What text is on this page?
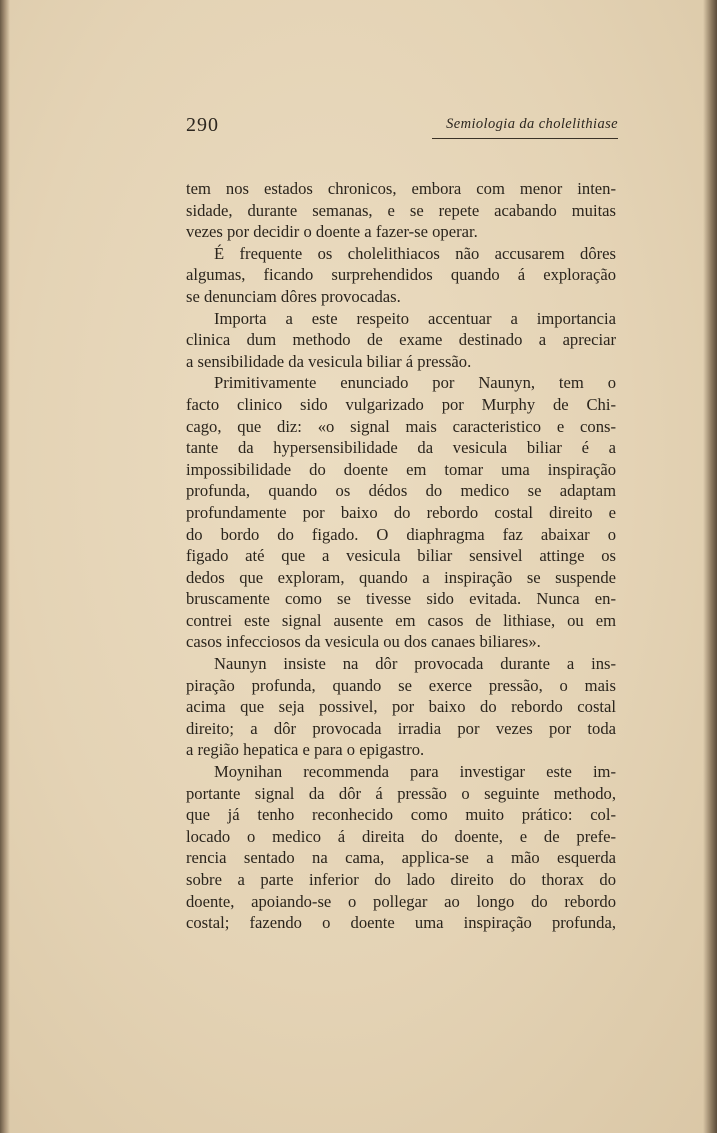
290	Semiologia da cholelithiase
tem nos estados chronicos, embora com menor inten-
sidade, durante semanas, e se repete acabando muitas
vezes por decidir o doente a fazer-se operar.
É frequente os cholelithiacos não accusarem dôres
algumas, ficando surprehendidos quando á exploração
se denunciam dôres provocadas.
Importa a este respeito accentuar a importancia
clinica dum methodo de exame destinado a apreciar
a sensibilidade da vesicula biliar á pressão.
Primitivamente enunciado por Naunyn, tem o
facto clinico sido vulgarizado por Murphy de Chi-
cago, que diz: «o signal mais caracteristico e cons-
tante da hypersensibilidade da vesicula biliar é a
impossibilidade do doente em tomar uma inspiração
profunda, quando os dédos do medico se adaptam
profundamente por baixo do rebordo costal direito e
do bordo do figado. O diaphragma faz abaixar o
figado até que a vesicula biliar sensivel attinge os
dedos que exploram, quando a inspiração se suspende
bruscamente como se tivesse sido evitada. Nunca en-
contrei este signal ausente em casos de lithiase, ou em
casos infecciosos da vesicula ou dos canaes biliares».
Naunyn insiste na dôr provocada durante a ins-
piração profunda, quando se exerce pressão, o mais
acima que seja possivel, por baixo do rebordo costal
direito; a dôr provocada irradia por vezes por toda
a região hepatica e para o epigastro.
Moynihan recommenda para investigar este im-
portante signal da dôr á pressão o seguinte methodo,
que já tenho reconhecido como muito prático: col-
locado o medico á direita do doente, e de prefe-
rencia sentado na cama, applica-se a mão esquerda
sobre a parte inferior do lado direito do thorax do
doente, apoiando-se o pollegar ao longo do rebordo
costal; fazendo o doente uma inspiração profunda,
